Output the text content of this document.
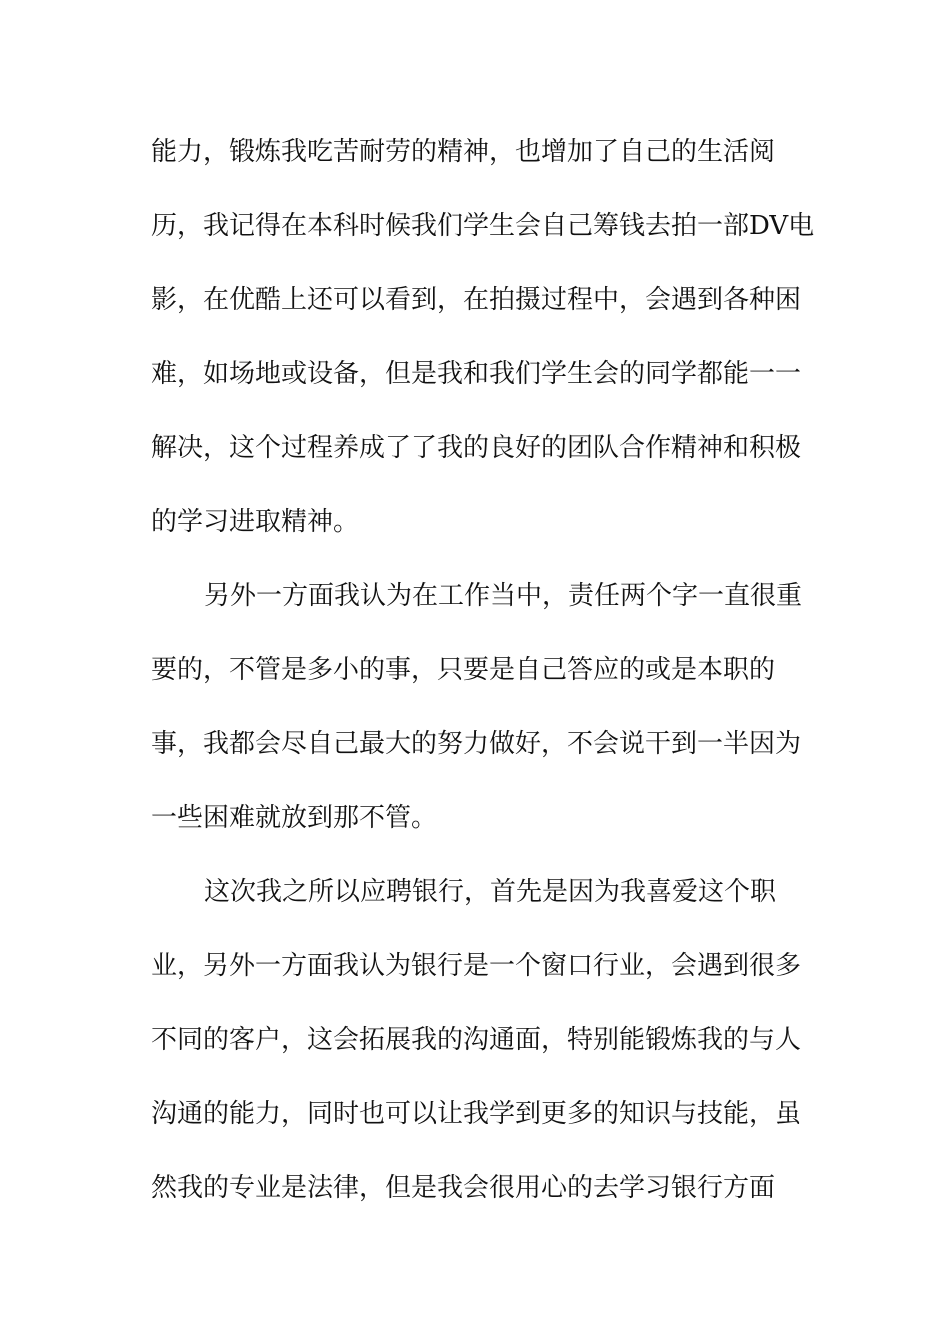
能力，锻炼我吃苦耐劳的精神，也增加了自己的生活阅
历，我记得在本科时候我们学生会自己筹钱去拍一部DV电
影，在优酷上还可以看到，在拍摄过程中，会遇到各种困
难，如场地或设备，但是我和我们学生会的同学都能一一
解决，这个过程养成了了我的良好的团队合作精神和积极
的学习进取精神。
另外一方面我认为在工作当中，责任两个字一直很重
要的，不管是多小的事，只要是自己答应的或是本职的
事，我都会尽自己最大的努力做好，不会说干到一半因为
一些困难就放到那不管。
这次我之所以应聘银行，首先是因为我喜爱这个职
业，另外一方面我认为银行是一个窗口行业，会遇到很多
不同的客户，这会拓展我的沟通面，特别能锻炼我的与人
沟通的能力，同时也可以让我学到更多的知识与技能，虽
然我的专业是法律，但是我会很用心的去学习银行方面
